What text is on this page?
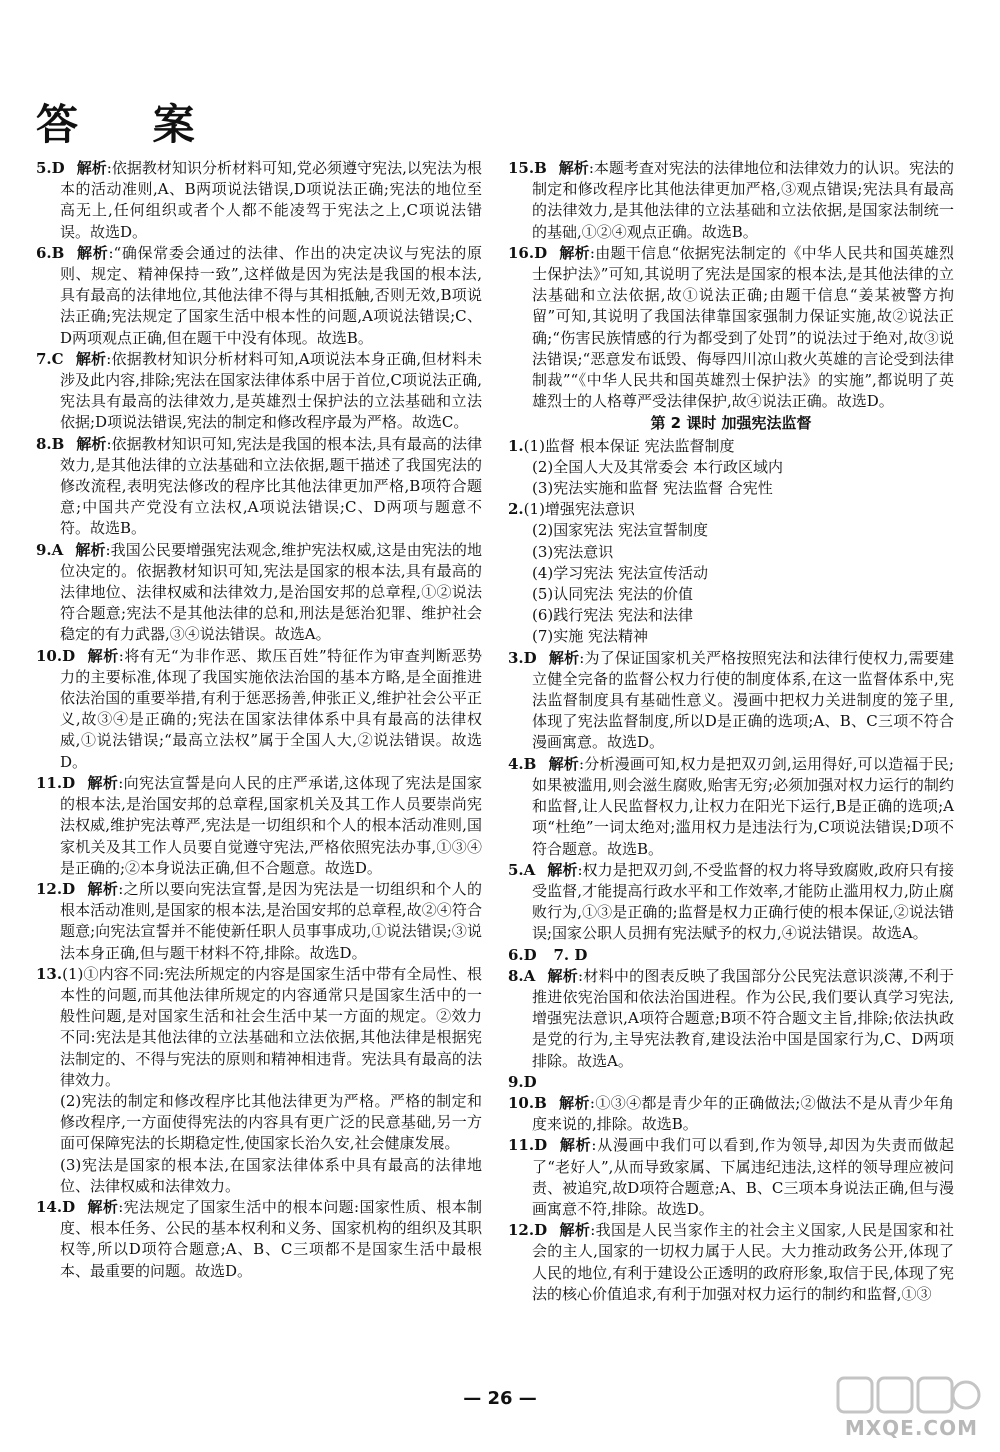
答 案

5.D 解析:依据教材知识分析材料可知,党必须遵守宪法,以宪法为根本的活动准则,A、B两项说法错误,D项说法正确;宪法的地位至高无上,任何组织或者个人都不能凌驾于宪法之上,C项说法错误。故选D。

6.B 解析:“确保常委会通过的法律、作出的决定决议与宪法的原则、规定、精神保持一致”,这样做是因为宪法是我国的根本法,具有最高的法律地位,其他法律不得与其相抵触,否则无效,B项说法正确;宪法规定了国家生活中根本性的问题,A项说法错误;C、D两项观点正确,但在题干中没有体现。故选B。

7.C 解析:依据教材知识分析材料可知,A项说法本身正确,但材料未涉及此内容,排除;宪法在国家法律体系中居于首位,C项说法正确,宪法具有最高的法律效力,是英雄烈士保护法的立法基础和立法依据;D项说法错误,宪法的制定和修改程序最为严格。故选C。

8.B 解析:依据教材知识可知,宪法是我国的根本法,具有最高的法律效力,是其他法律的立法基础和立法依据,题干描述了我国宪法的修改流程,表明宪法修改的程序比其他法律更加严格,B项符合题意;中国共产党没有立法权,A项说法错误;C、D两项与题意不符。故选B。

9.A 解析:我国公民要增强宪法观念,维护宪法权威,这是由宪法的地位决定的。依据教材知识可知,宪法是国家的根本法,具有最高的法律地位、法律权威和法律效力,是治国安邦的总章程,①②说法符合题意;宪法不是其他法律的总和,刑法是惩治犯罪、维护社会稳定的有力武器,③④说法错误。故选A。

10.D 解析:将有无“为非作恶、欺压百姓”特征作为审查判断恶势力的主要标准,体现了我国实施依法治国的基本方略,是全面推进依法治国的重要举措,有利于惩恶扬善,伸张正义,维护社会公平正义,故③④是正确的;宪法在国家法律体系中具有最高的法律权威,①说法错误;“最高立法权”属于全国人大,②说法错误。故选D。

11.D 解析:向宪法宣誓是向人民的庄严承诺,这体现了宪法是国家的根本法,是治国安邦的总章程,国家机关及其工作人员要崇尚宪法权威,维护宪法尊严,宪法是一切组织和个人的根本活动准则,国家机关及其工作人员要自觉遵守宪法,严格依照宪法办事,①③④是正确的;②本身说法正确,但不合题意。故选D。

12.D 解析:之所以要向宪法宣誓,是因为宪法是一切组织和个人的根本活动准则,是国家的根本法,是治国安邦的总章程,故②④符合题意;向宪法宣誓并不能使新任职人员事事成功,①说法错误;③说法本身正确,但与题干材料不符,排除。故选D。

13.(1)①内容不同:宪法所规定的内容是国家生活中带有全局性、根本性的问题,而其他法律所规定的内容通常只是国家生活中的一般性问题,是对国家生活和社会生活中某一方面的规定。②效力不同:宪法是其他法律的立法基础和立法依据,其他法律是根据宪法制定的、不得与宪法的原则和精神相违背。宪法具有最高的法律效力。

(2)宪法的制定和修改程序比其他法律更为严格。严格的制定和修改程序,一方面使得宪法的内容具有更广泛的民意基础,另一方面可保障宪法的长期稳定性,使国家长治久安,社会健康发展。

(3)宪法是国家的根本法,在国家法律体系中具有最高的法律地位、法律权威和法律效力。

14.D 解析:宪法规定了国家生活中的根本问题:国家性质、根本制度、根本任务、公民的基本权利和义务、国家机构的组织及其职权等,所以D项符合题意;A、B、C三项都不是国家生活中最根本、最重要的问题。故选D。

15.B 解析:本题考查对宪法的法律地位和法律效力的认识。宪法的制定和修改程序比其他法律更加严格,③观点错误;宪法具有最高的法律效力,是其他法律的立法基础和立法依据,是国家法制统一的基础,①②④观点正确。故选B。

16.D 解析:由题干信息“依据宪法制定的《中华人民共和国英雄烈士保护法》”可知,其说明了宪法是国家的根本法,是其他法律的立法基础和立法依据,故①说法正确;由题干信息“姜某被警方拘留”可知,其说明了我国法律靠国家强制力保证实施,故②说法正确;“伤害民族情感的行为都受到了处罚”的说法过于绝对,故③说法错误;“恶意发布诋毁、侮辱四川凉山救火英雄的言论受到法律制裁”“《中华人民共和国英雄烈士保护法》的实施”,都说明了英雄烈士的人格尊严受法律保护,故④说法正确。故选D。

第 2 课时 加强宪法监督

1.(1)监督 根本保证 宪法监督制度

(2)全国人大及其常委会 本行政区域内

(3)宪法实施和监督 宪法监督 合宪性

2.(1)增强宪法意识

(2)国家宪法 宪法宣誓制度

(3)宪法意识

(4)学习宪法 宪法宣传活动

(5)认同宪法 宪法的价值

(6)践行宪法 宪法和法律

(7)实施 宪法精神

3.D 解析:为了保证国家机关严格按照宪法和法律行使权力,需要建立健全完备的监督公权力行使的制度体系,在这一监督体系中,宪法监督制度具有基础性意义。漫画中把权力关进制度的笼子里,体现了宪法监督制度,所以D是正确的选项;A、B、C三项不符合漫画寓意。故选D。

4.B 解析:分析漫画可知,权力是把双刃剑,运用得好,可以造福于民;如果被滥用,则会滋生腐败,贻害无穷;必须加强对权力运行的制约和监督,让人民监督权力,让权力在阳光下运行,B是正确的选项;A项“杜绝”一词太绝对;滥用权力是违法行为,C项说法错误;D项不符合题意。故选B。

5.A 解析:权力是把双刃剑,不受监督的权力将导致腐败,政府只有接受监督,才能提高行政水平和工作效率,才能防止滥用权力,防止腐败行为,①③是正确的;监督是权力正确行使的根本保证,②说法错误;国家公职人员拥有宪法赋予的权力,④说法错误。故选A。

6.D 7. D

8.A 解析:材料中的图表反映了我国部分公民宪法意识淡薄,不利于推进依宪治国和依法治国进程。作为公民,我们要认真学习宪法,增强宪法意识,A项符合题意;B项不符合题文主旨,排除;依法执政是党的行为,主导宪法教育,建设法治中国是国家行为,C、D两项排除。故选A。

9.D

10.B 解析:①③④都是青少年的正确做法;②做法不是从青少年角度来说的,排除。故选B。

11.D 解析:从漫画中我们可以看到,作为领导,却因为失责而做起了“老好人”,从而导致家属、下属违纪违法,这样的领导理应被问责、被追究,故D项符合题意;A、B、C三项本身说法正确,但与漫画寓意不符,排除。故选D。

12.D 解析:我国是人民当家作主的社会主义国家,人民是国家和社会的主人,国家的一切权力属于人民。大力推动政务公开,体现了人民的地位,有利于建设公正透明的政府形象,取信于民,体现了宪法的核心价值追求,有利于加强对权力运行的制约和监督,①③

— 26 —
MXQE.COM
